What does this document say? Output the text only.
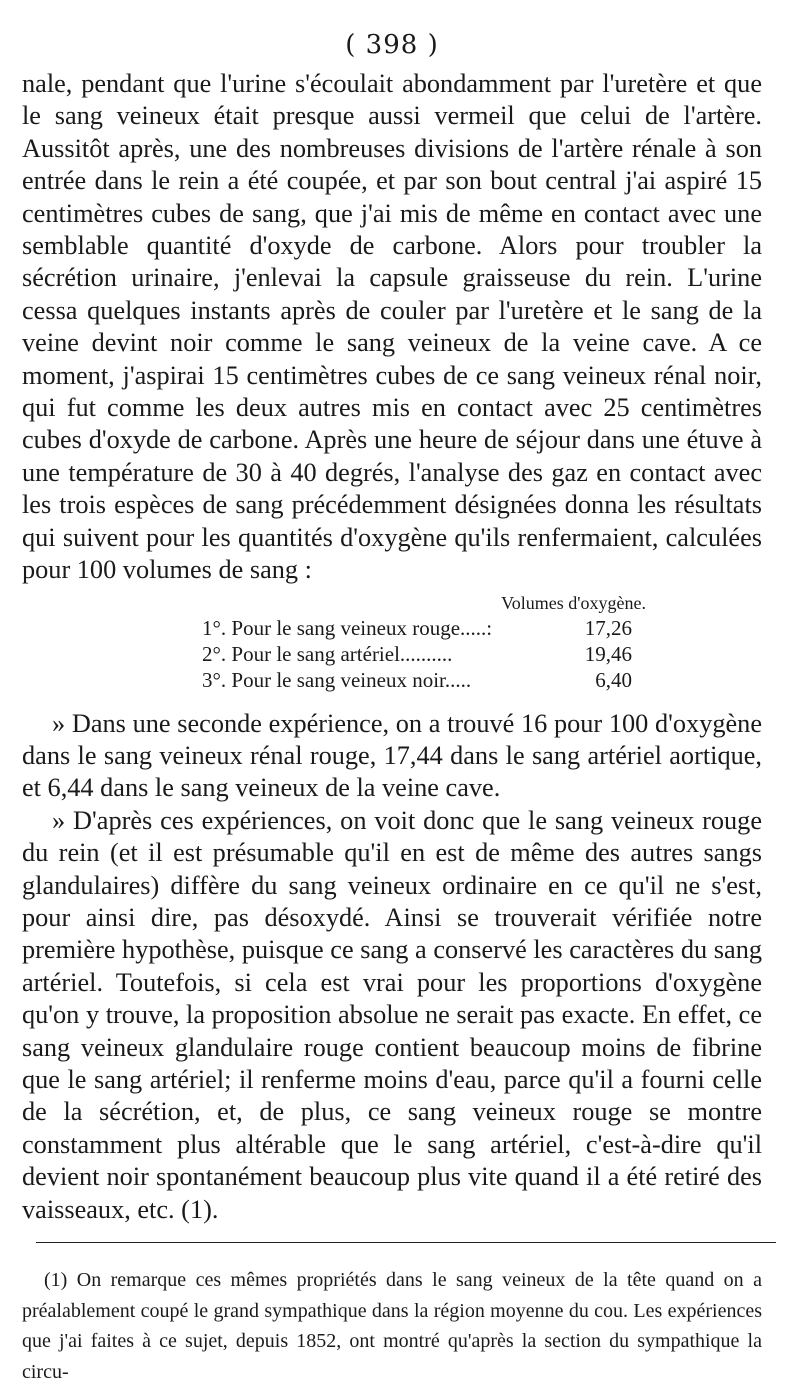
( 398 )

nale, pendant que l'urine s'écoulait abondamment par l'uretère et que le sang veineux était presque aussi vermeil que celui de l'artère. Aussitôt après, une des nombreuses divisions de l'artère rénale à son entrée dans le rein a été coupée, et par son bout central j'ai aspiré 15 centimètres cubes de sang, que j'ai mis de même en contact avec une semblable quantité d'oxyde de carbone. Alors pour troubler la sécrétion urinaire, j'enlevai la capsule graisseuse du rein. L'urine cessa quelques instants après de couler par l'uretère et le sang de la veine devint noir comme le sang veineux de la veine cave. A ce moment, j'aspirai 15 centimètres cubes de ce sang veineux rénal noir, qui fut comme les deux autres mis en contact avec 25 centimètres cubes d'oxyde de carbone. Après une heure de séjour dans une étuve à une température de 30 à 40 degrés, l'analyse des gaz en contact avec les trois espèces de sang précédemment désignées donna les résultats qui suivent pour les quantités d'oxygène qu'ils renfermaient, calculées pour 100 volumes de sang :

Volumes d'oxygène.
1°. Pour le sang veineux rouge.....:	17,26
2°. Pour le sang artériel..........	19,46
3°. Pour le sang veineux noir.....	6,40

» Dans une seconde expérience, on a trouvé 16 pour 100 d'oxygène dans le sang veineux rénal rouge, 17,44 dans le sang artériel aortique, et 6,44 dans le sang veineux de la veine cave.

» D'après ces expériences, on voit donc que le sang veineux rouge du rein (et il est présumable qu'il en est de même des autres sangs glandulaires) diffère du sang veineux ordinaire en ce qu'il ne s'est, pour ainsi dire, pas désoxydé. Ainsi se trouverait vérifiée notre première hypothèse, puisque ce sang a conservé les caractères du sang artériel. Toutefois, si cela est vrai pour les proportions d'oxygène qu'on y trouve, la proposition absolue ne serait pas exacte. En effet, ce sang veineux glandulaire rouge contient beaucoup moins de fibrine que le sang artériel; il renferme moins d'eau, parce qu'il a fourni celle de la sécrétion, et, de plus, ce sang veineux rouge se montre constamment plus altérable que le sang artériel, c'est-à-dire qu'il devient noir spontanément beaucoup plus vite quand il a été retiré des vaisseaux, etc. (1).

(1) On remarque ces mêmes propriétés dans le sang veineux de la tête quand on a préalablement coupé le grand sympathique dans la région moyenne du cou. Les expériences que j'ai faites à ce sujet, depuis 1852, ont montré qu'après la section du sympathique la circu-
